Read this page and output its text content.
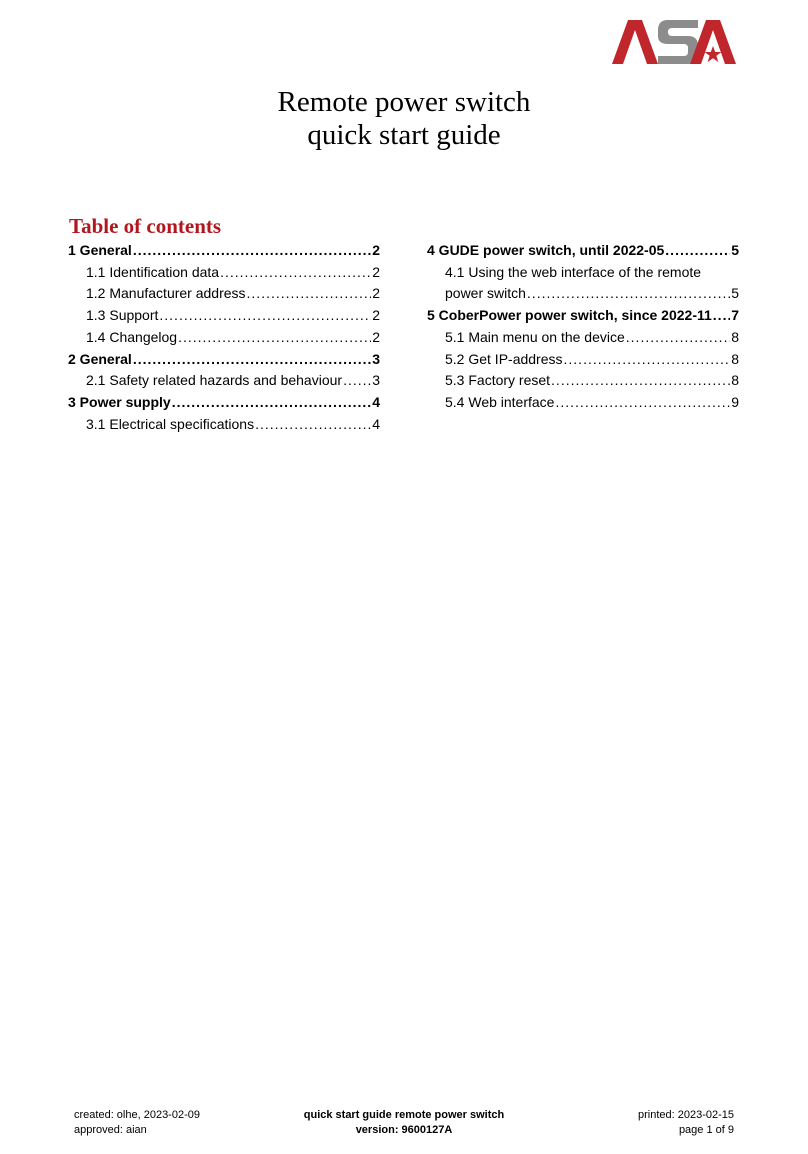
Remote power switch
quick start guide
Table of contents
1 General .....	2
1.1 Identification data .....	2
1.2 Manufacturer address .....	2
1.3 Support .....	2
1.4 Changelog .....	2
2 General .....	3
2.1 Safety related hazards and behaviour ..... 3
3 Power supply .....	4
3.1 Electrical specifications .....	4
4 GUDE power switch, until 2022-05 .....	5
4.1 Using the web interface of the remote
power switch .....	5
5 CoberPower power switch, since 2022-11 ..... 7
5.1 Main menu on the device .....	8
5.2 Get IP-address .....	8
5.3 Factory reset .....	8
5.4 Web interface .....	9
created: olhe, 2023-02-09
approved: aian
quick start guide remote power switch
version: 9600127A
printed: 2023-02-15
page 1 of 9
